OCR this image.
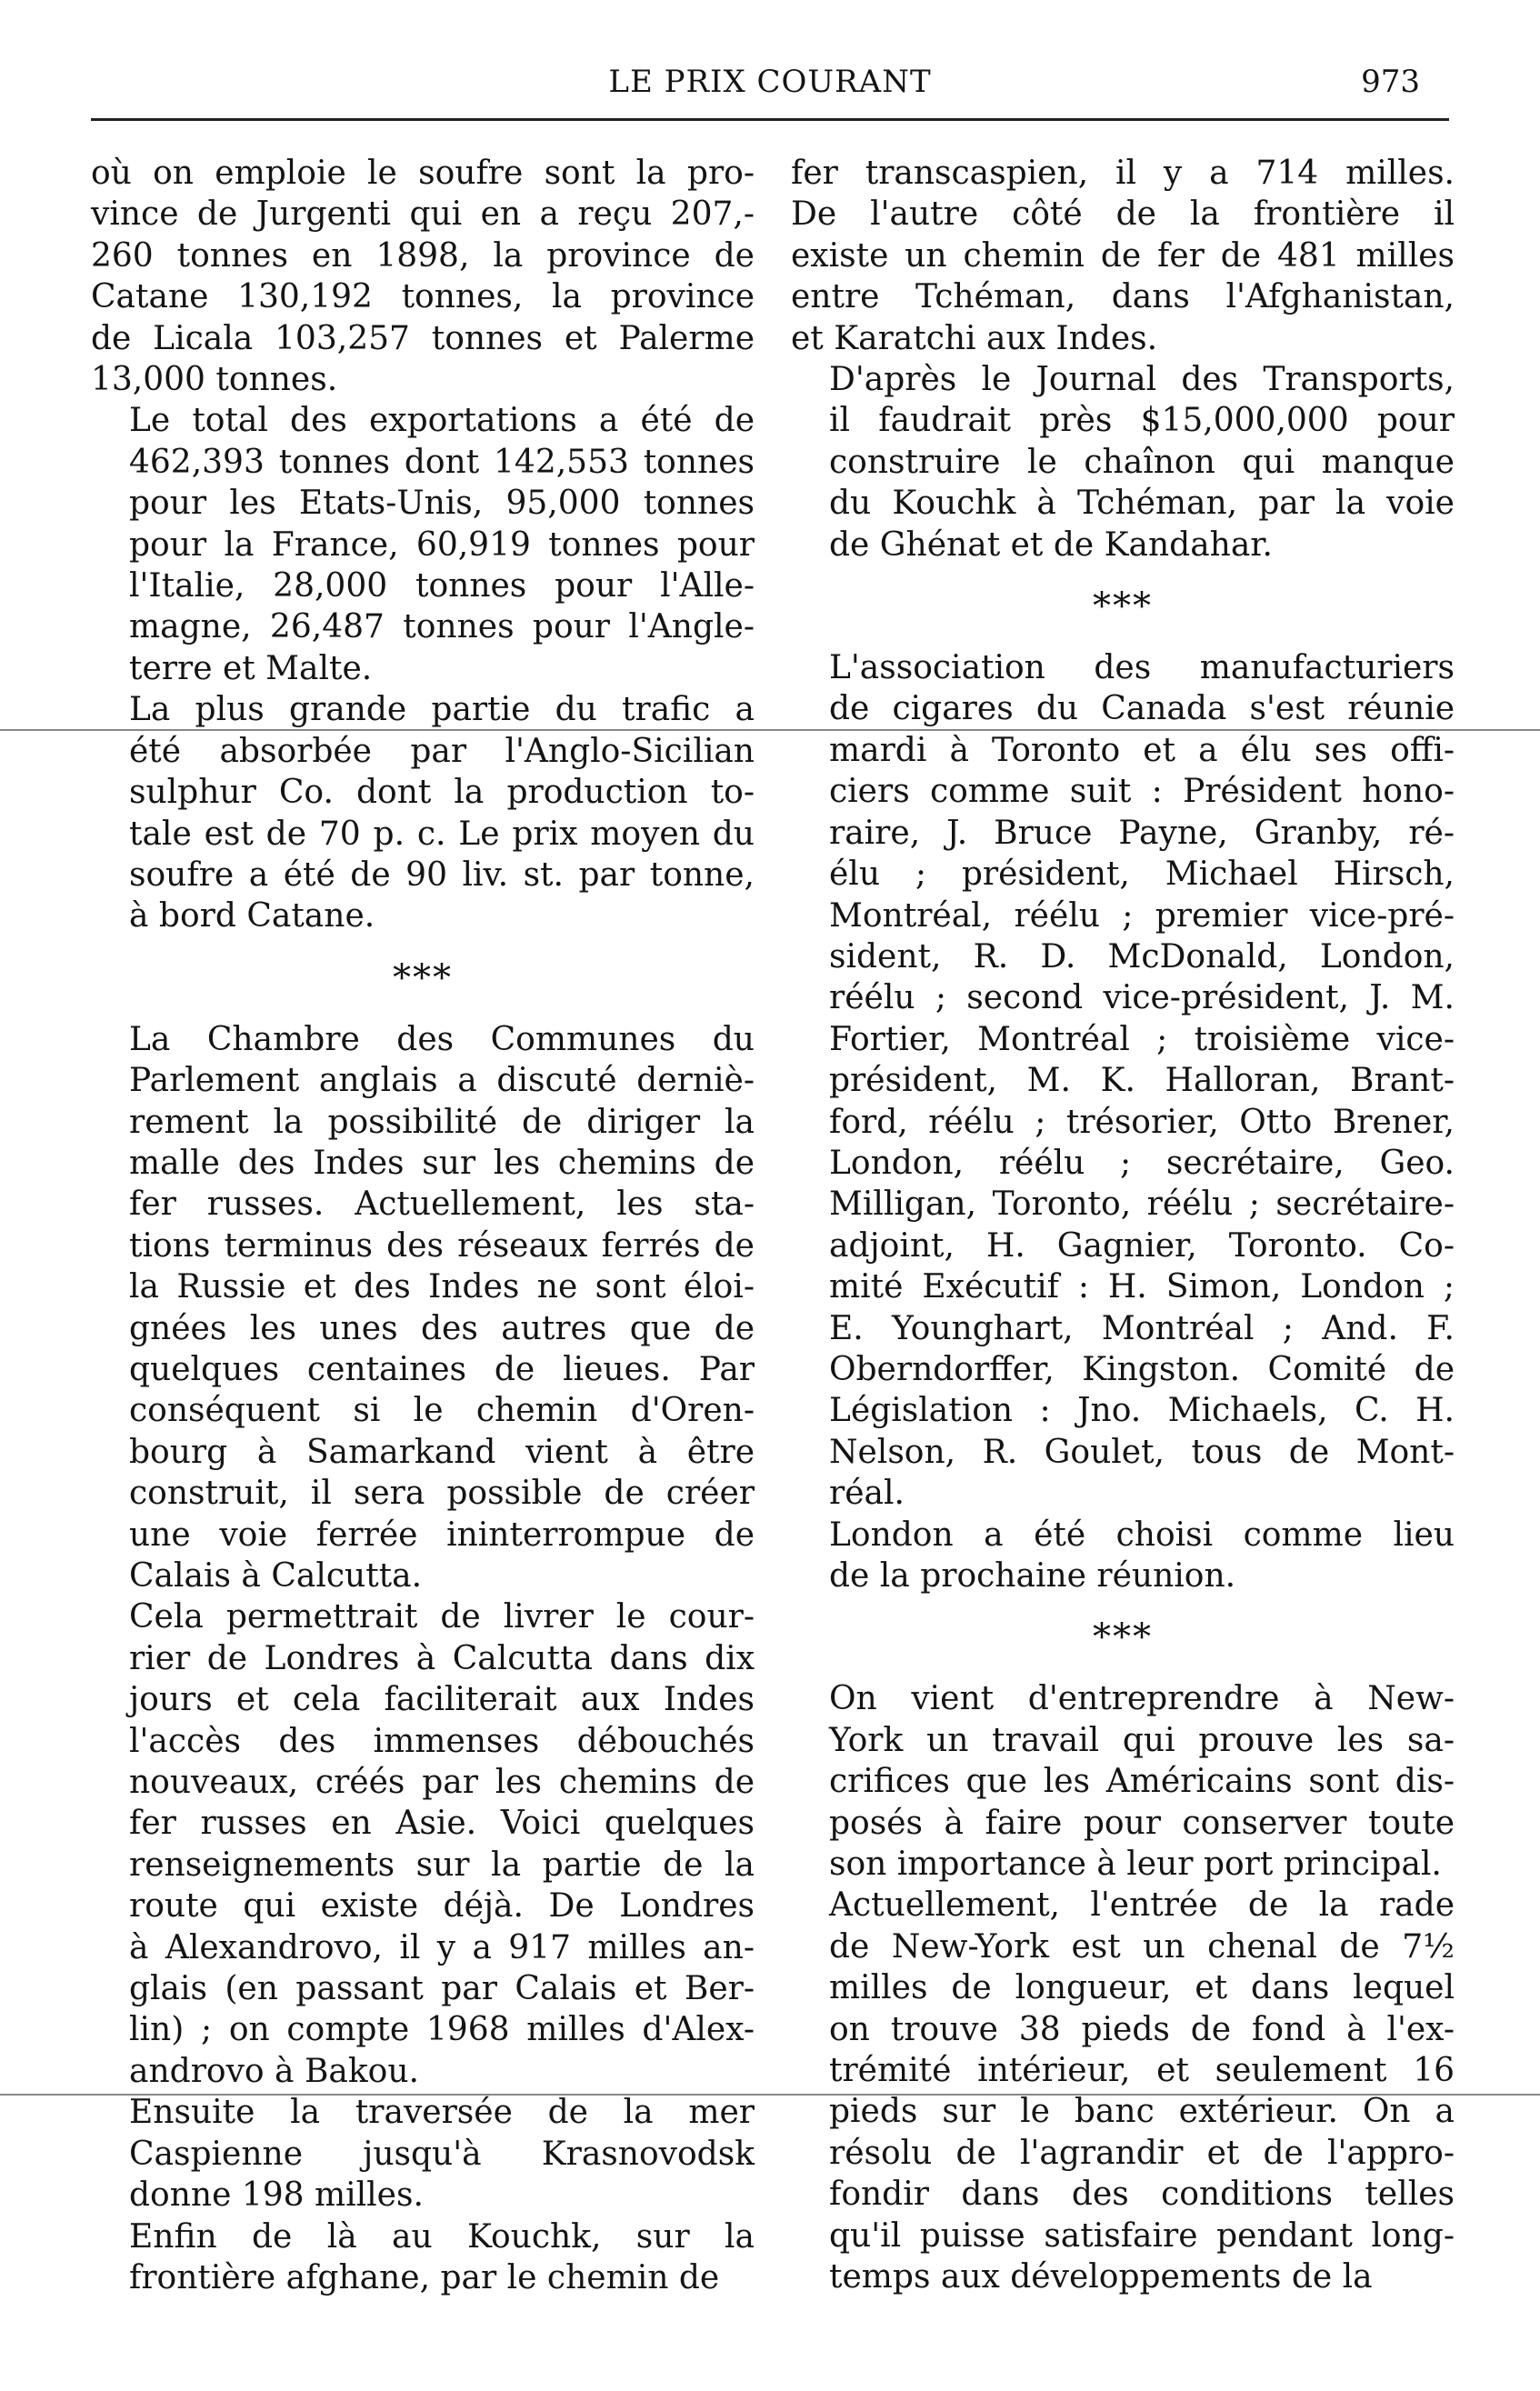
LE PRIX COURANT	973

où on emploie le soufre sont la pro-
vince de Jurgenti qui en a reçu 207,-
260 tonnes en 1898, la province de
Catane 130,192 tonnes, la province
de Licala 103,257 tonnes et Palerme
13,000 tonnes.

Le total des exportations a été de
462,393 tonnes dont 142,553 tonnes
pour les Etats-Unis, 95,000 tonnes
pour la France, 60,919 tonnes pour
l'Italie, 28,000 tonnes pour l'Alle-
magne, 26,487 tonnes pour l'Angle-
terre et Malte.

La plus grande partie du trafic a
été absorbée par l'Anglo-Sicilian
sulphur Co. dont la production to-
tale est de 70 p. c. Le prix moyen du
soufre a été de 90 liv. st. par tonne,
à bord Catane.

***

La Chambre des Communes du
Parlement anglais a discuté derniè-
rement la possibilité de diriger la
malle des Indes sur les chemins de
fer russes. Actuellement, les sta-
tions terminus des réseaux ferrés de
la Russie et des Indes ne sont éloi-
gnées les unes des autres que de
quelques centaines de lieues. Par
conséquent si le chemin d'Oren-
bourg à Samarkand vient à être
construit, il sera possible de créer
une voie ferrée ininterrompue de
Calais à Calcutta.

Cela permettrait de livrer le cour-
rier de Londres à Calcutta dans dix
jours et cela faciliterait aux Indes
l'accès des immenses débouchés
nouveaux, créés par les chemins de
fer russes en Asie. Voici quelques
renseignements sur la partie de la
route qui existe déjà. De Londres
à Alexandrovo, il y a 917 milles an-
glais (en passant par Calais et Ber-
lin) ; on compte 1968 milles d'Alex-
androvo à Bakou.

Ensuite la traversée de la mer
Caspienne jusqu'à Krasnovodsk
donne 198 milles.

Enfin de là au Kouchk, sur la
frontière afghane, par le chemin de

fer transcaspien, il y a 714 milles.
De l'autre côté de la frontière il
existe un chemin de fer de 481 milles
entre Tchéman, dans l'Afghanistan,
et Karatchi aux Indes.

D'après le Journal des Transports,
il faudrait près $15,000,000 pour
construire le chaînon qui manque
du Kouchk à Tchéman, par la voie
de Ghénat et de Kandahar.

***

L'association des manufacturiers
de cigares du Canada s'est réunie
mardi à Toronto et a élu ses offi-
ciers comme suit : Président hono-
raire, J. Bruce Payne, Granby, ré-
élu ; président, Michael Hirsch,
Montréal, réélu ; premier vice-pré-
sident, R. D. McDonald, London,
réélu ; second vice-président, J. M.
Fortier, Montréal ; troisième vice-
président, M. K. Halloran, Brant-
ford, réélu ; trésorier, Otto Brener,
London, réélu ; secrétaire, Geo.
Milligan, Toronto, réélu ; secrétaire-
adjoint, H. Gagnier, Toronto. Co-
mité Exécutif : H. Simon, London ;
E. Younghart, Montréal ; And. F.
Oberndorffer, Kingston. Comité de
Législation : Jno. Michaels, C. H.
Nelson, R. Goulet, tous de Mont-
réal.

London a été choisi comme lieu
de la prochaine réunion.

***

On vient d'entreprendre à New-
York un travail qui prouve les sa-
crifices que les Américains sont dis-
posés à faire pour conserver toute
son importance à leur port principal.

Actuellement, l'entrée de la rade
de New-York est un chenal de 7½
milles de longueur, et dans lequel
on trouve 38 pieds de fond à l'ex-
trémité intérieur, et seulement 16
pieds sur le banc extérieur. On a
résolu de l'agrandir et de l'appro-
fondir dans des conditions telles
qu'il puisse satisfaire pendant long-
temps aux développements de la
